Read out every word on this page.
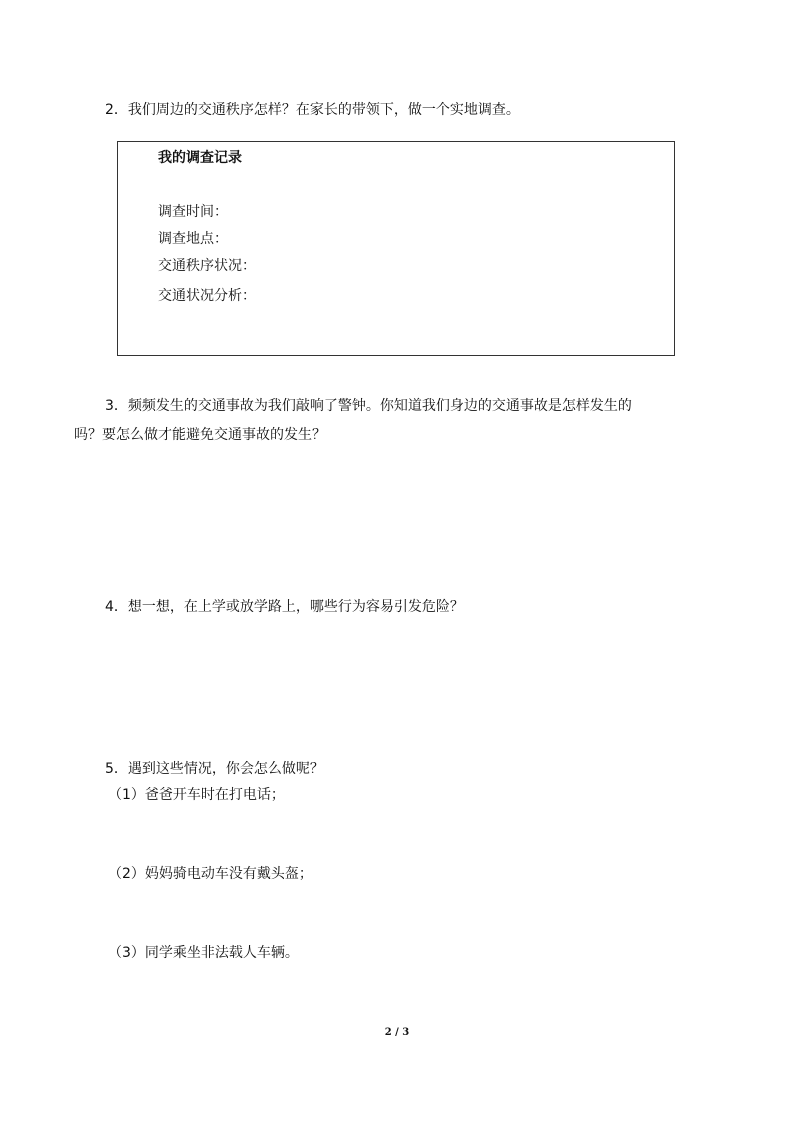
2．我们周边的交通秩序怎样？在家长的带领下，做一个实地调查。
我的调查记录
调查时间：
调查地点：
交通秩序状况：
交通状况分析：
3．频频发生的交通事故为我们敲响了警钟。你知道我们身边的交通事故是怎样发生的
吗？要怎么做才能避免交通事故的发生？
4．想一想，在上学或放学路上，哪些行为容易引发危险？
5．遇到这些情况，你会怎么做呢？
（1）爸爸开车时在打电话；
（2）妈妈骑电动车没有戴头盔；
（3）同学乘坐非法载人车辆。
2 / 3
